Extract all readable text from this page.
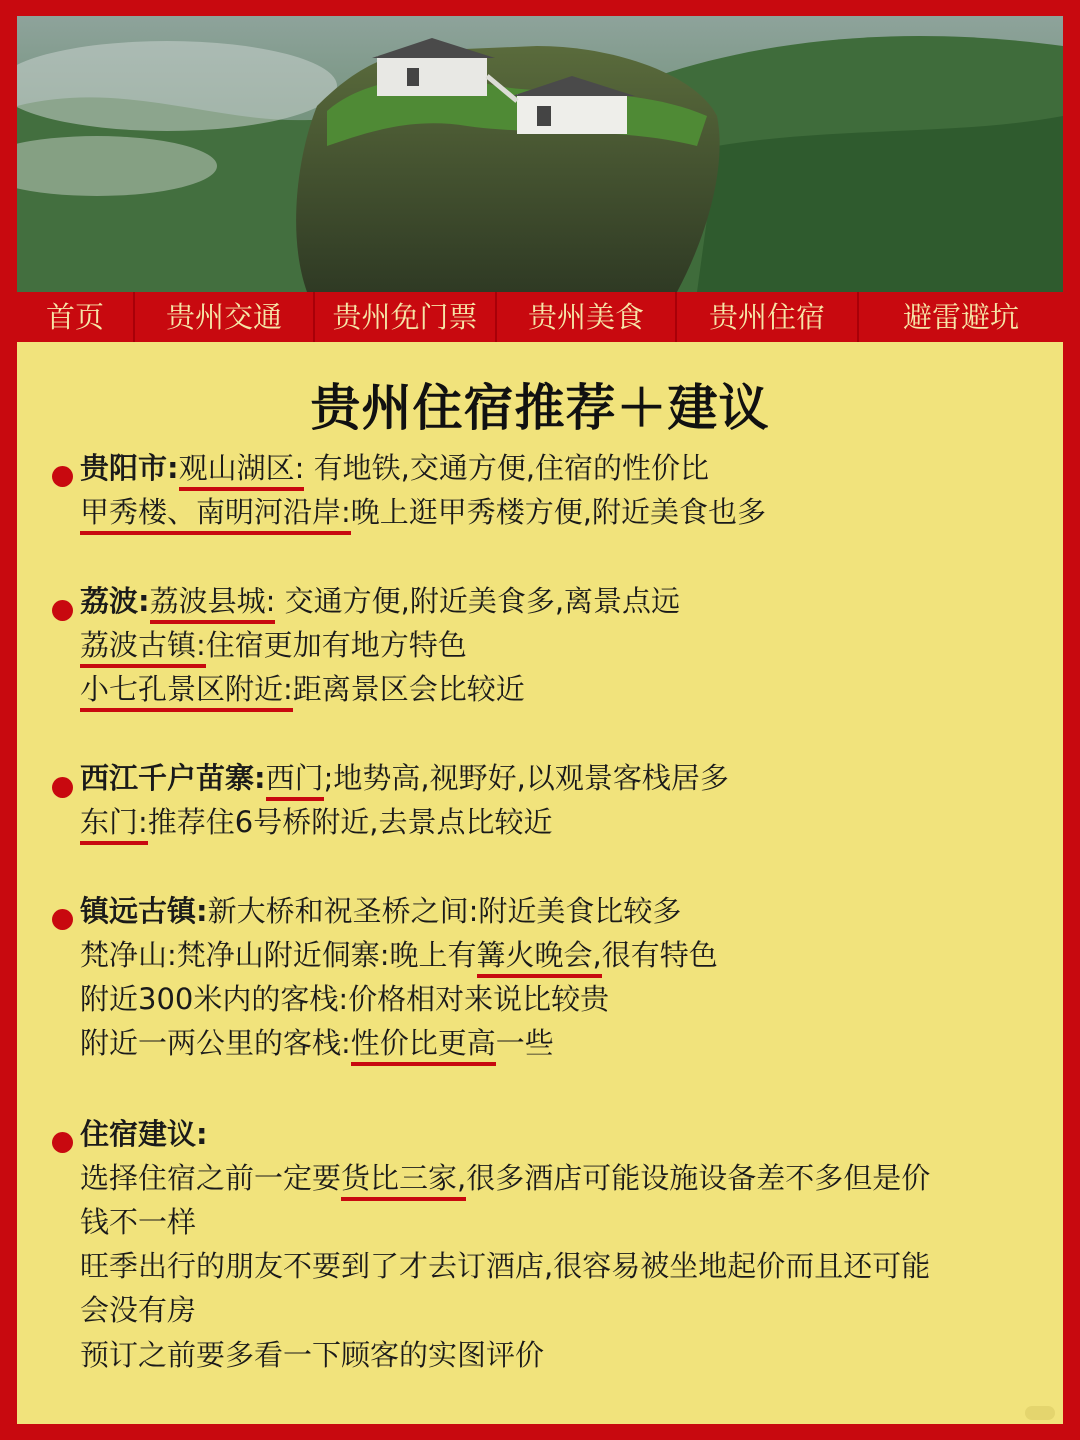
首页	贵州交通	贵州免门票	贵州美食	贵州住宿	避雷避坑
贵州住宿推荐＋建议
贵阳市:观山湖区: 有地铁,交通方便,住宿的性价比
甲秀楼、南明河沿岸:晚上逛甲秀楼方便,附近美食也多
荔波:荔波县城: 交通方便,附近美食多,离景点远
荔波古镇:住宿更加有地方特色
小七孔景区附近:距离景区会比较近
西江千户苗寨:西门;地势高,视野好,以观景客栈居多
东门:推荐住6号桥附近,去景点比较近
镇远古镇:新大桥和祝圣桥之间:附近美食比较多
梵净山:梵净山附近侗寨:晚上有篝火晚会,很有特色
附近300米内的客栈:价格相对来说比较贵
附近一两公里的客栈:性价比更高一些
住宿建议:
选择住宿之前一定要货比三家,很多酒店可能设施设备差不多但是价
钱不一样
旺季出行的朋友不要到了才去订酒店,很容易被坐地起价而且还可能
会没有房
预订之前要多看一下顾客的实图评价
